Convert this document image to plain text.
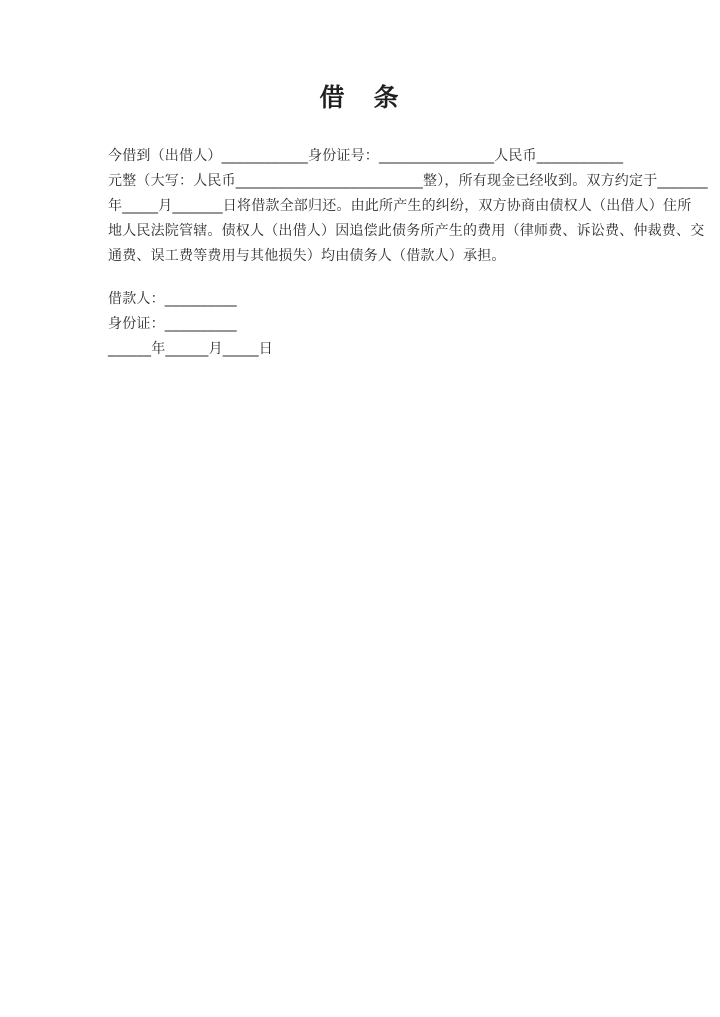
借　条
今借到（出借人）____________身份证号：________________人民币____________
元整（大写：人民币__________________________整），所有现金已经收到。双方约定于_______
年_____月_______日将借款全部归还。由此所产生的纠纷，双方协商由债权人（出借人）住所
地人民法院管辖。债权人（出借人）因追偿此债务所产生的费用（律师费、诉讼费、仲裁费、交
通费、误工费等费用与其他损失）均由债务人（借款人）承担。
借款人：__________
身份证：__________
______年______月_____日
